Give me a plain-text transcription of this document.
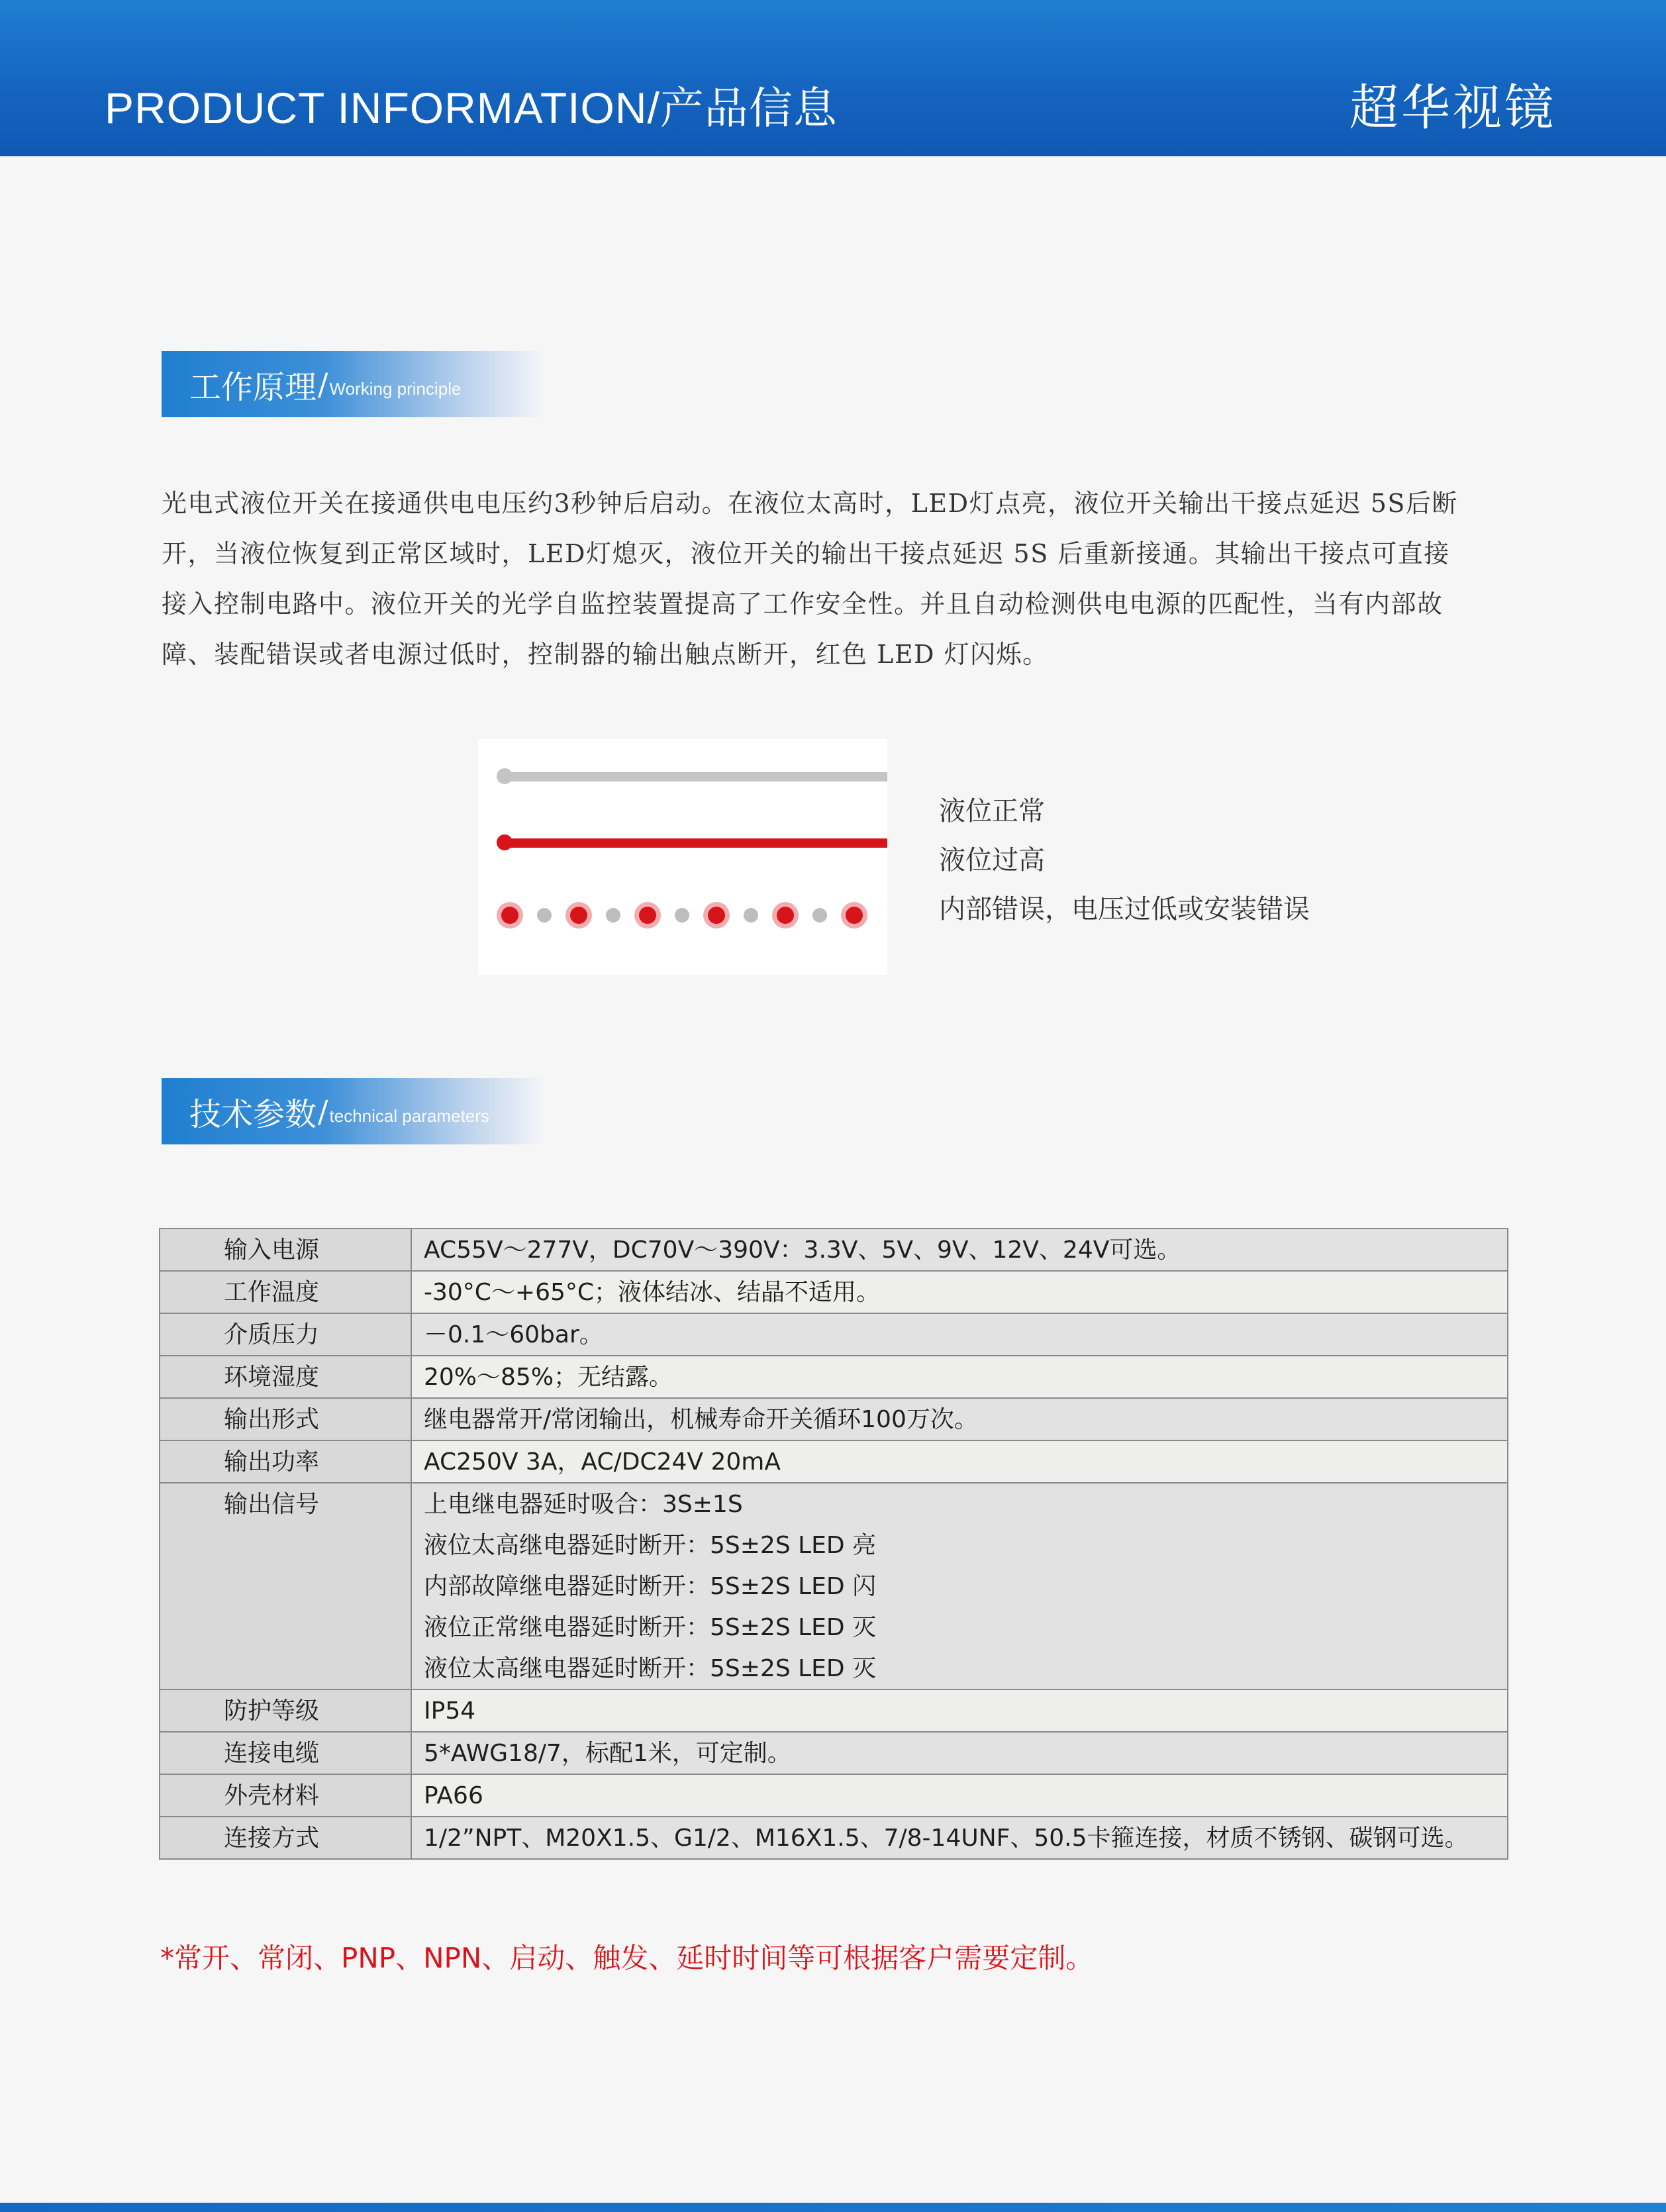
PRODUCT INFORMATION/产品信息	超华视镜
工作原理 / Working principle
光电式液位开关在接通供电电压约3秒钟后启动。在液位太高时，LED灯点亮，液位开关输出干接点延迟 5S后断
开，当液位恢复到正常区域时，LED灯熄灭，液位开关的输出干接点延迟 5S 后重新接通。其输出干接点可直接
接入控制电路中。液位开关的光学自监控装置提高了工作安全性。并且自动检测供电电源的匹配性，当有内部故
障、装配错误或者电源过低时，控制器的输出触点断开，红色 LED 灯闪烁。
液位正常
液位过高
内部错误，电压过低或安装错误
技术参数 / technical parameters
输入电源	AC55V～277V，DC70V～390V：3.3V、5V、9V、12V、24V可选。

工作温度	-30°C～+65°C；液体结冰、结晶不适用。

介质压力	－0.1～60bar。

环境湿度	20%～85%；无结露。

输出形式	继电器常开/常闭输出，机械寿命开关循环100万次。

输出功率	AC250V 3A，AC/DC24V 20mA

输出信号	上电继电器延时吸合：3S±1S
液位太高继电器延时断开：5S±2S LED 亮
内部故障继电器延时断开：5S±2S LED 闪
液位正常继电器延时断开：5S±2S LED 灭
液位太高继电器延时断开：5S±2S LED 灭

防护等级	IP54

连接电缆	5*AWG18/7，标配1米，可定制。

外壳材料	PA66

连接方式	1/2”NPT、M20X1.5、G1/2、M16X1.5、7/8-14UNF、50.5卡箍连接，材质不锈钢、碳钢可选。
*常开、常闭、PNP、NPN、启动、触发、延时时间等可根据客户需要定制。
